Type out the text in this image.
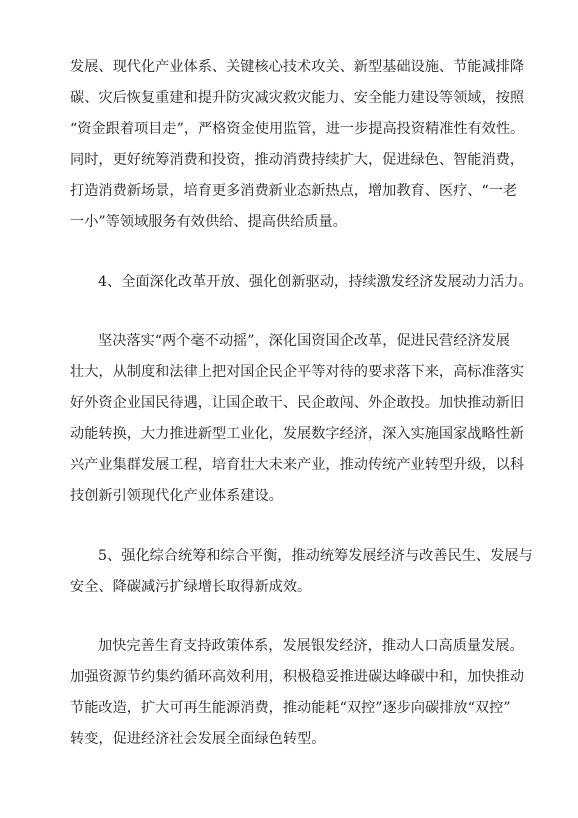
发展、现代化产业体系、关键核心技术攻关、新型基础设施、节能减排降
碳、灾后恢复重建和提升防灾减灾救灾能力、安全能力建设等领域，按照
“资金跟着项目走”，严格资金使用监管，进一步提高投资精准性有效性。
同时，更好统筹消费和投资，推动消费持续扩大，促进绿色、智能消费，
打造消费新场景，培育更多消费新业态新热点，增加教育、医疗、“一老
一小”等领域服务有效供给、提高供给质量。
4、全面深化改革开放、强化创新驱动，持续激发经济发展动力活力。
坚决落实“两个毫不动摇”，深化国资国企改革，促进民营经济发展
壮大，从制度和法律上把对国企民企平等对待的要求落下来，高标准落实
好外资企业国民待遇，让国企敢干、民企敢闯、外企敢投。加快推动新旧
动能转换，大力推进新型工业化，发展数字经济，深入实施国家战略性新
兴产业集群发展工程，培育壮大未来产业，推动传统产业转型升级，以科
技创新引领现代化产业体系建设。
5、强化综合统筹和综合平衡，推动统筹发展经济与改善民生、发展与
安全、降碳减污扩绿增长取得新成效。
加快完善生育支持政策体系，发展银发经济，推动人口高质量发展。
加强资源节约集约循环高效利用，积极稳妥推进碳达峰碳中和，加快推动
节能改造，扩大可再生能源消费，推动能耗“双控”逐步向碳排放“双控”
转变，促进经济社会发展全面绿色转型。
